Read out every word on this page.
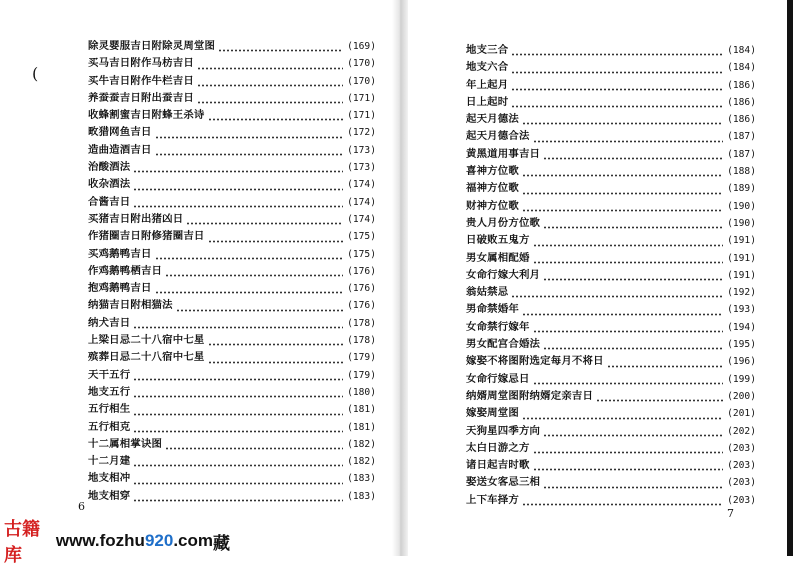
(
除灵婴服吉日附除灵周堂图	(169)
买马吉日附作马枋吉日	(170)
买牛吉日附作牛栏吉日	(170)
养蚕蚕吉日附出蚕吉日	(171)
收蜂割蜜吉日附蜂王杀诗	(171)
畋猎网鱼吉日	(172)
造曲造酒吉日	(173)
治酸酒法	(173)
收杂酒法	(174)
合酱吉日	(174)
买猪吉日附出猪凶日	(174)
作猪圈吉日附修猪圈吉日	(175)
买鸡鹅鸭吉日	(175)
作鸡鹅鸭栖吉日	(176)
抱鸡鹅鸭吉日	(176)
纳猫吉日附相猫法	(176)
纳犬吉日	(178)
上梁日忌二十八宿中七星	(178)
殡葬日忌二十八宿中七星	(179)
天干五行	(179)
地支五行	(180)
五行相生	(181)
五行相克	(181)
十二属相掌诀图	(182)
十二月建	(182)
地支相冲	(183)
地支相穿	(183)
6
地支三合	(184)
地支六合	(184)
年上起月	(186)
日上起时	(186)
起天月德法	(186)
起天月德合法	(187)
黄黑道用事吉日	(187)
喜神方位歌	(188)
福神方位歌	(189)
财神方位歌	(190)
贵人月份方位歌	(190)
日破败五鬼方	(191)
男女属相配婚	(191)
女命行嫁大利月	(191)
翁姑禁忌	(192)
男命禁婚年	(193)
女命禁行嫁年	(194)
男女配宫合婚法	(195)
嫁娶不将图附选定每月不将日	(196)
女命行嫁忌日	(199)
纳婿周堂图附纳婿定亲吉日	(200)
嫁娶周堂图	(201)
天狗星四季方向	(202)
太白日游之方	(203)
诸日起吉时歌	(203)
娶送女客忌三相	(203)
上下车择方	(203)
7
古籍库
www.fozhu 920 .com 藏
